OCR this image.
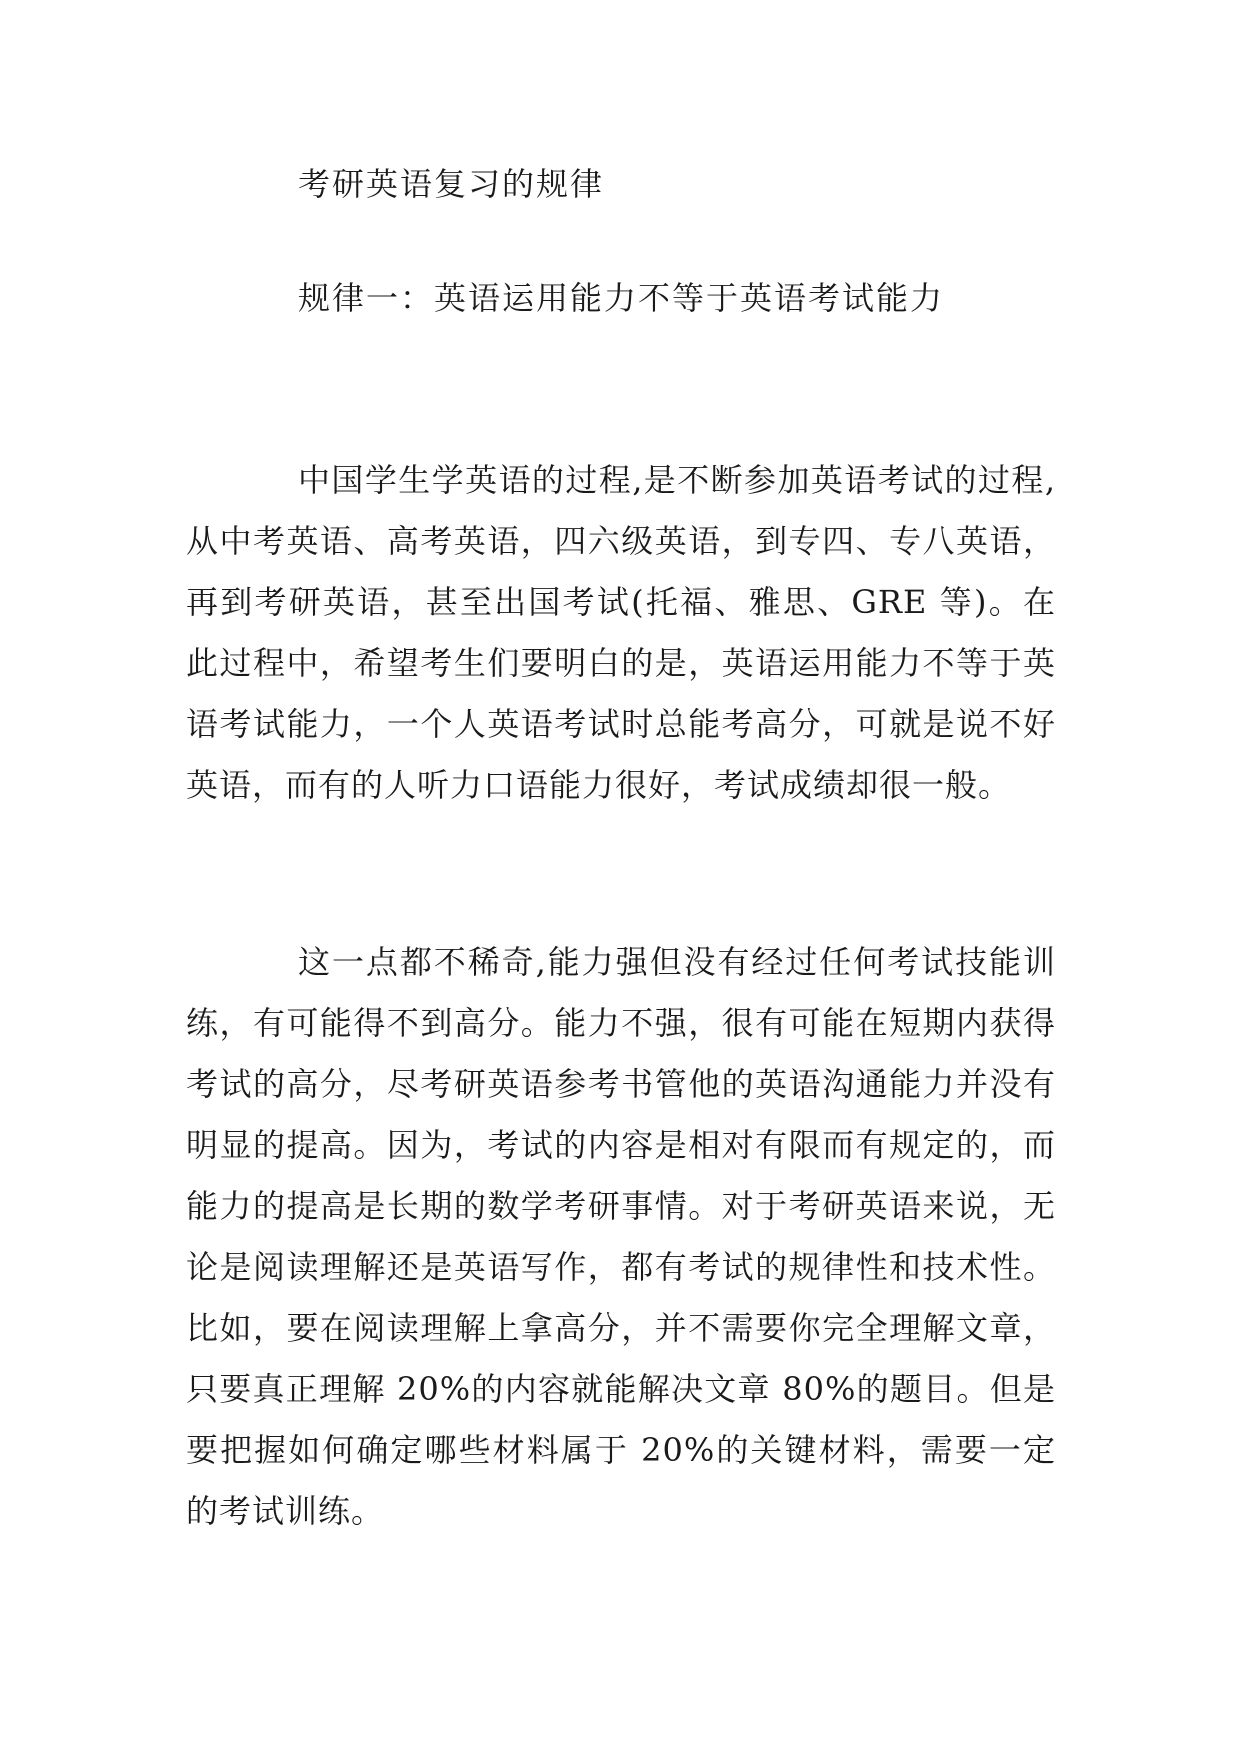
考研英语复习的规律
规律一：英语运用能力不等于英语考试能力

中国学生学英语的过程,是不断参加英语考试的过程,从中考英语、高考英语，四六级英语，到专四、专八英语，再到考研英语，甚至出国考试(托福、雅思、GRE 等)。在此过程中，希望考生们要明白的是，英语运用能力不等于英语考试能力，一个人英语考试时总能考高分，可就是说不好英语，而有的人听力口语能力很好，考试成绩却很一般。

这一点都不稀奇,能力强但没有经过任何考试技能训练，有可能得不到高分。能力不强，很有可能在短期内获得考试的高分，尽考研英语参考书管他的英语沟通能力并没有明显的提高。因为，考试的内容是相对有限而有规定的，而能力的提高是长期的数学考研事情。对于考研英语来说，无论是阅读理解还是英语写作，都有考试的规律性和技术性。比如，要在阅读理解上拿高分，并不需要你完全理解文章，只要真正理解 20%的内容就能解决文章 80%的题目。但是要把握如何确定哪些材料属于 20%的关键材料，需要一定的考试训练。
